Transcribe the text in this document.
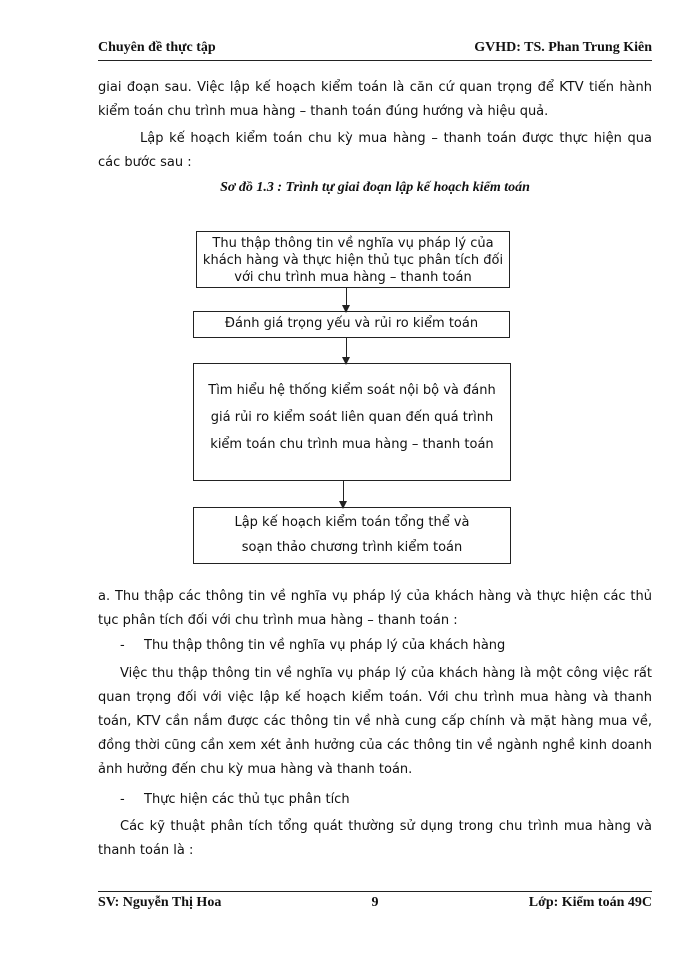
Chuyên đề thực tập	GVHD: TS. Phan Trung Kiên

giai đoạn sau. Việc lập kế hoạch kiểm toán là căn cứ quan trọng để KTV tiến hành kiểm toán chu trình mua hàng – thanh toán đúng hướng và hiệu quả.

Lập kế hoạch kiểm toán chu kỳ mua hàng – thanh toán được thực hiện qua các bước sau :

Sơ đồ 1.3 : Trình tự giai đoạn lập kế hoạch kiểm toán
Thu thập thông tin về nghĩa vụ pháp lý của khách hàng và thực hiện thủ tục phân tích đối với chu trình mua hàng – thanh toán
Đánh giá trọng yếu và rủi ro kiểm toán
Tìm hiểu hệ thống kiểm soát nội bộ và đánh giá rủi ro kiểm soát liên quan đến quá trình kiểm toán chu trình mua hàng – thanh toán
Lập kế hoạch kiểm toán tổng thể và soạn thảo chương trình kiểm toán

a. Thu thập các thông tin về nghĩa vụ pháp lý của khách hàng và thực hiện các thủ tục phân tích đối với chu trình mua hàng – thanh toán :

- Thu thập thông tin về nghĩa vụ pháp lý của khách hàng

Việc thu thập thông tin về nghĩa vụ pháp lý của khách hàng là một công việc rất quan trọng đối với việc lập kế hoạch kiểm toán. Với chu trình mua hàng và thanh toán, KTV cần nắm được các thông tin về nhà cung cấp chính và mặt hàng mua về, đồng thời cũng cần xem xét ảnh hưởng của các thông tin về ngành nghề kinh doanh ảnh hưởng đến chu kỳ mua hàng và thanh toán.

- Thực hiện các thủ tục phân tích

Các kỹ thuật phân tích tổng quát thường sử dụng trong chu trình mua hàng và thanh toán là :

SV: Nguyễn Thị Hoa	9	Lớp: Kiểm toán 49C
